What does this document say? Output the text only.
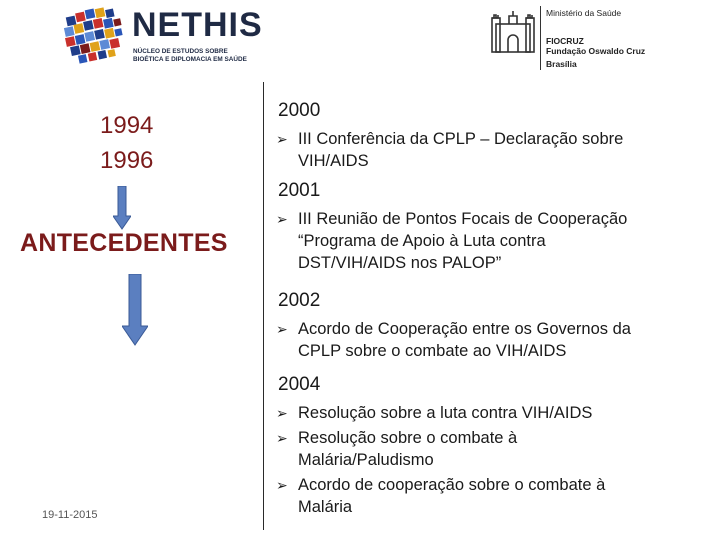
NETHIS
NÚCLEO DE ESTUDOS SOBRE
BIOÉTICA E DIPLOMACIA EM SAÚDE
Ministério da Saúde
FIOCRUZ
Fundação Oswaldo Cruz
Brasília
1994
1996
ANTECEDENTES
19-11-2015
2000
➢ III Conferência da CPLP – Declaração sobre
VIH/AIDS
2001
➢ III Reunião de Pontos Focais de Cooperação
“Programa de Apoio à Luta contra
DST/VIH/AIDS nos PALOP”
2002
➢ Acordo de Cooperação entre os Governos da
CPLP sobre o combate ao VIH/AIDS
2004
➢ Resolução sobre a luta contra VIH/AIDS
➢ Resolução sobre o combate à
Malária/Paludismo
➢ Acordo de cooperação sobre o combate à
Malária
